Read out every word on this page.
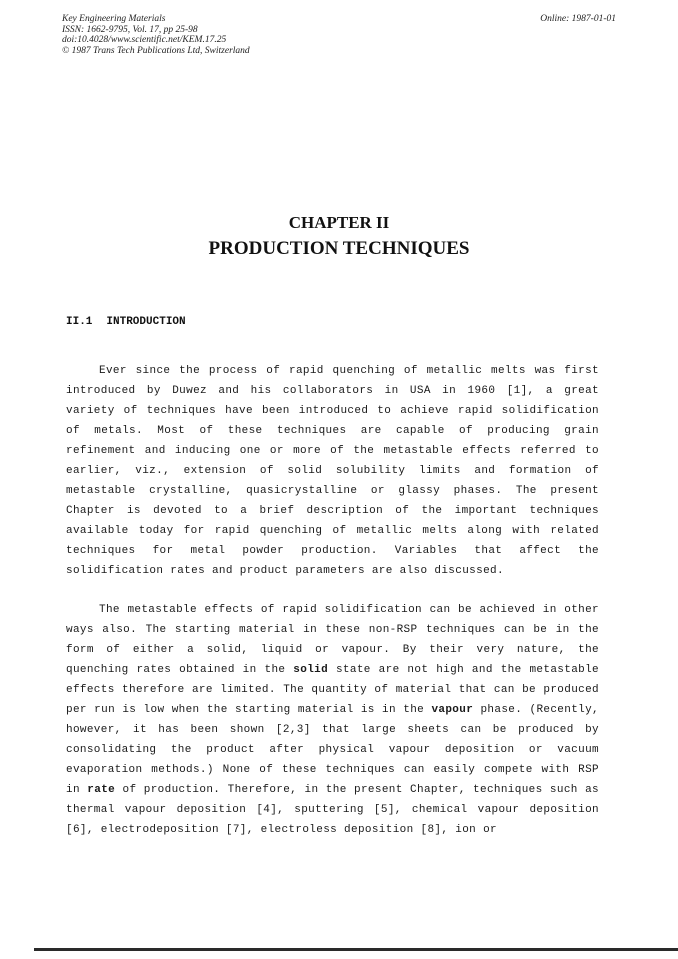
Key Engineering Materials
ISSN: 1662-9795, Vol. 17, pp 25-98
doi:10.4028/www.scientific.net/KEM.17.25
© 1987 Trans Tech Publications Ltd, Switzerland
Online: 1987-01-01
CHAPTER II
PRODUCTION TECHNIQUES
II.1 INTRODUCTION

Ever since the process of rapid quenching of metallic melts was first introduced by Duwez and his collaborators in USA in 1960 [1], a great variety of techniques have been introduced to achieve rapid solidification of metals. Most of these techniques are capable of producing grain refinement and inducing one or more of the metastable effects referred to earlier, viz., extension of solid solubility limits and formation of metastable crystalline, quasicrystalline or glassy phases. The present Chapter is devoted to a brief description of the important techniques available today for rapid quenching of metallic melts along with related techniques for metal powder production. Variables that affect the solidification rates and product parameters are also discussed.

The metastable effects of rapid solidification can be achieved in other ways also. The starting material in these non-RSP techniques can be in the form of either a solid, liquid or vapour. By their very nature, the quenching rates obtained in the solid state are not high and the metastable effects therefore are limited. The quantity of material that can be produced per run is low when the starting material is in the vapour phase. (Recently, however, it has been shown [2,3] that large sheets can be produced by consolidating the product after physical vapour deposition or vacuum evaporation methods.) None of these techniques can easily compete with RSP in rate of production. Therefore, in the present Chapter, techniques such as thermal vapour deposition [4], sputtering [5], chemical vapour deposition [6], electrodeposition [7], electroless deposition [8], ion or
